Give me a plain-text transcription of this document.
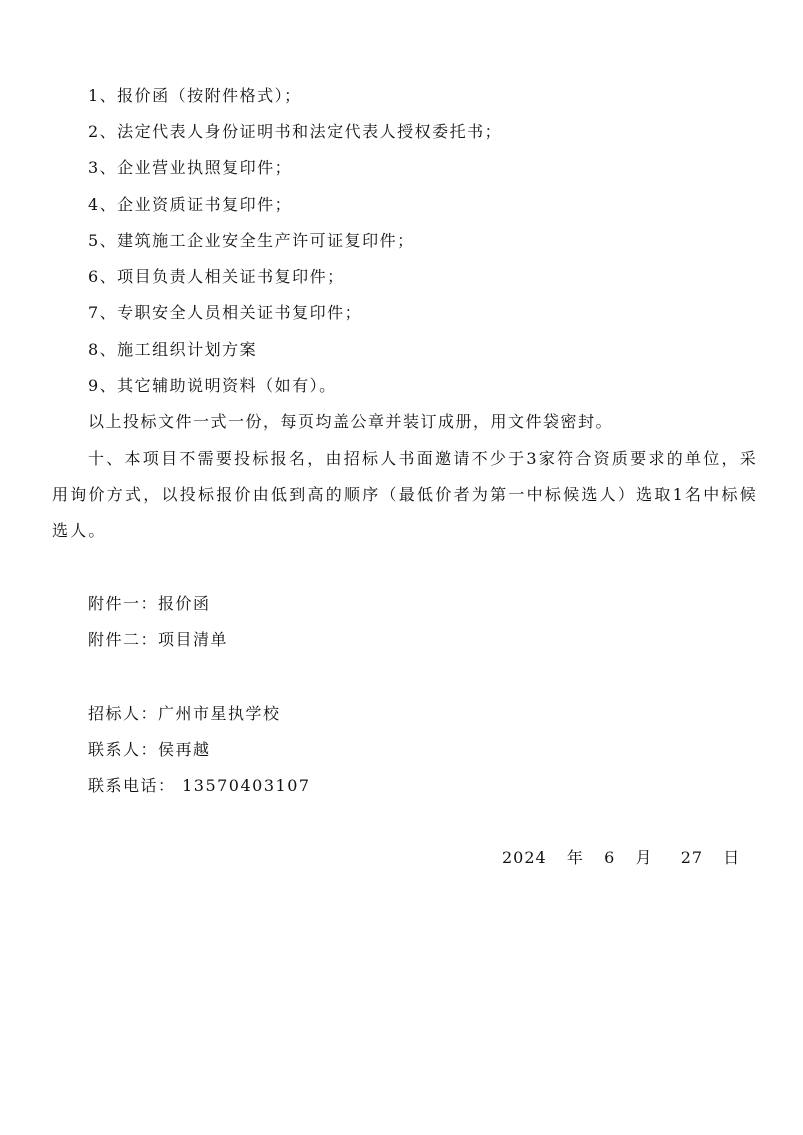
1、报价函（按附件格式）；
2、法定代表人身份证明书和法定代表人授权委托书；
3、企业营业执照复印件；
4、企业资质证书复印件；
5、建筑施工企业安全生产许可证复印件；
6、项目负责人相关证书复印件；
7、专职安全人员相关证书复印件；
8、施工组织计划方案
9、其它辅助说明资料（如有）。
以上投标文件一式一份，每页均盖公章并装订成册，用文件袋密封。
十、本项目不需要投标报名，由招标人书面邀请不少于3家符合资质要求的单位，采用询价方式，以投标报价由低到高的顺序（最低价者为第一中标候选人）选取1名中标候选人。
附件一：报价函
附件二：项目清单
招标人：广州市星执学校
联系人：侯再越
联系电话： 13570403107
2024 年 6 月 27 日
